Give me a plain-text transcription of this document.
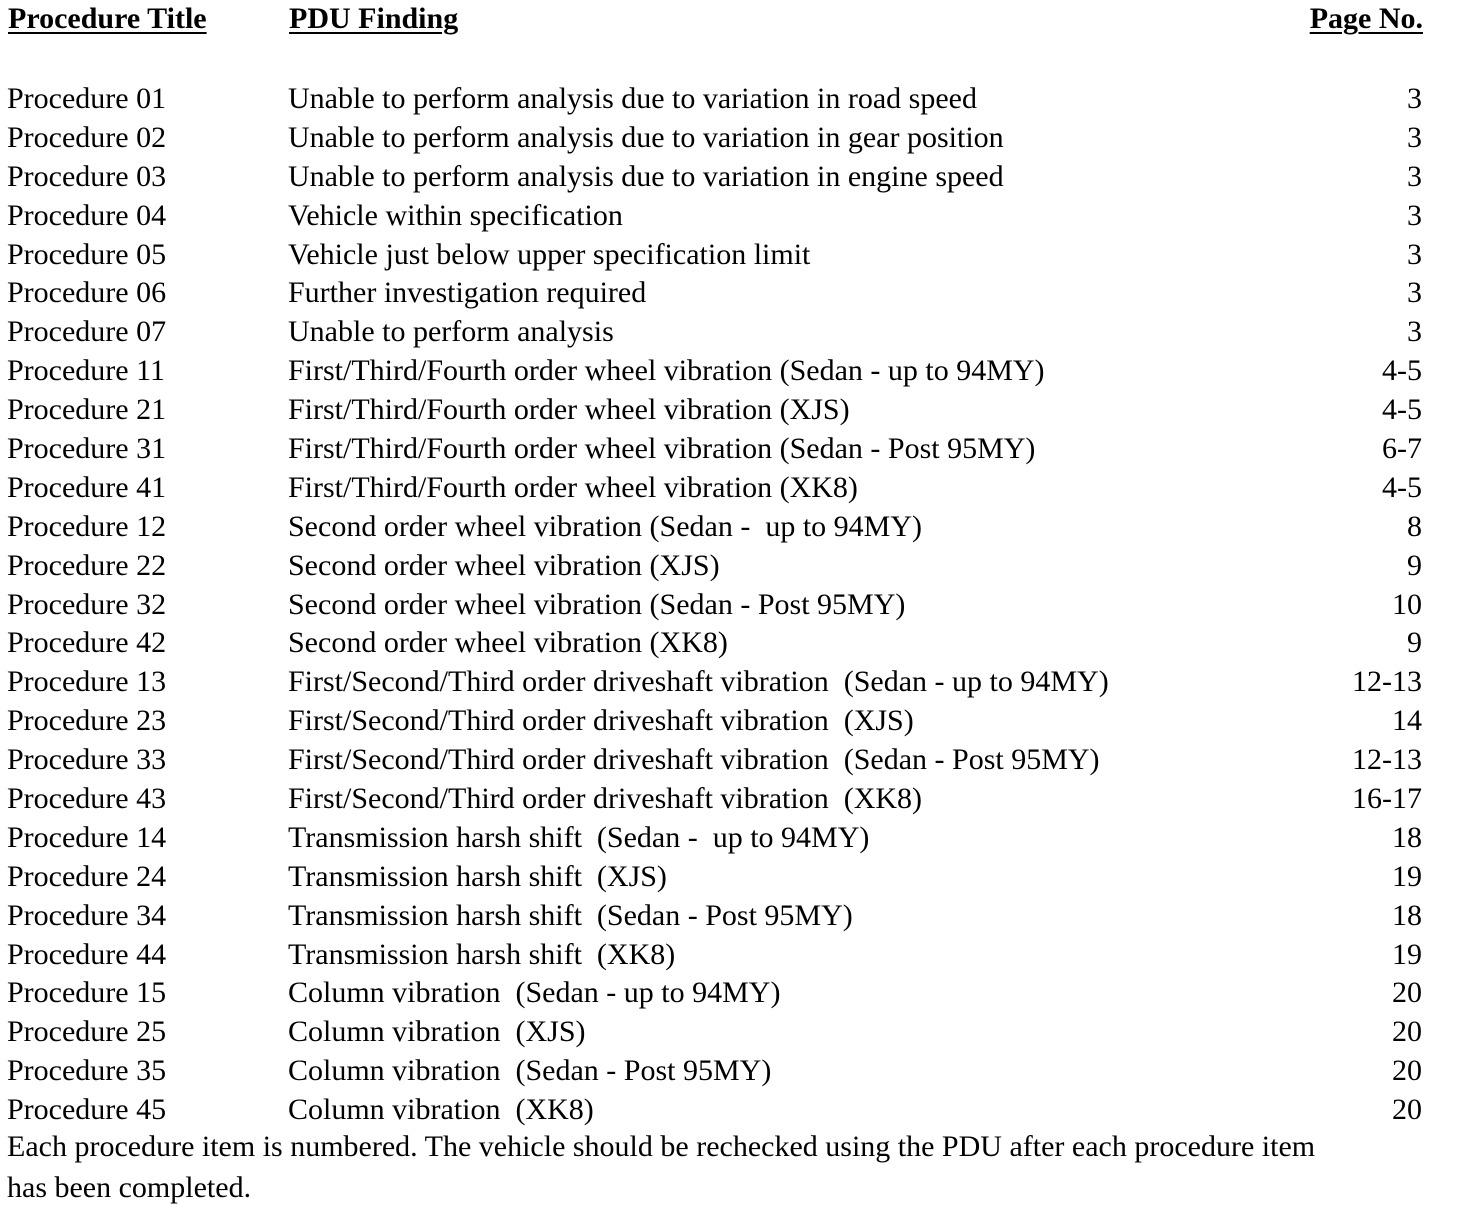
Procedure Title	PDU Finding	Page No.
Procedure 01	Unable to perform analysis due to variation in road speed	3
Procedure 02	Unable to perform analysis due to variation in gear position	3
Procedure 03	Unable to perform analysis due to variation in engine speed	3
Procedure 04	Vehicle within specification	3
Procedure 05	Vehicle just below upper specification limit	3
Procedure 06	Further investigation required	3
Procedure 07	Unable to perform analysis	3
Procedure 11	First/Third/Fourth order wheel vibration (Sedan - up to 94MY)	4-5
Procedure 21	First/Third/Fourth order wheel vibration (XJS)	4-5
Procedure 31	First/Third/Fourth order wheel vibration (Sedan - Post 95MY)	6-7
Procedure 41	First/Third/Fourth order wheel vibration (XK8)	4-5
Procedure 12	Second order wheel vibration (Sedan -  up to 94MY)	8
Procedure 22	Second order wheel vibration (XJS)	9
Procedure 32	Second order wheel vibration (Sedan - Post 95MY)	10
Procedure 42	Second order wheel vibration (XK8)	9
Procedure 13	First/Second/Third order driveshaft vibration  (Sedan - up to 94MY)	12-13
Procedure 23	First/Second/Third order driveshaft vibration  (XJS)	14
Procedure 33	First/Second/Third order driveshaft vibration  (Sedan - Post 95MY)	12-13
Procedure 43	First/Second/Third order driveshaft vibration  (XK8)	16-17
Procedure 14	Transmission harsh shift  (Sedan -  up to 94MY)	18
Procedure 24	Transmission harsh shift  (XJS)	19
Procedure 34	Transmission harsh shift  (Sedan - Post 95MY)	18
Procedure 44	Transmission harsh shift  (XK8)	19
Procedure 15	Column vibration  (Sedan - up to 94MY)	20
Procedure 25	Column vibration  (XJS)	20
Procedure 35	Column vibration  (Sedan - Post 95MY)	20
Procedure 45	Column vibration  (XK8)	20
Each procedure item is numbered. The vehicle should be rechecked using the PDU after each procedure item
has been completed.
